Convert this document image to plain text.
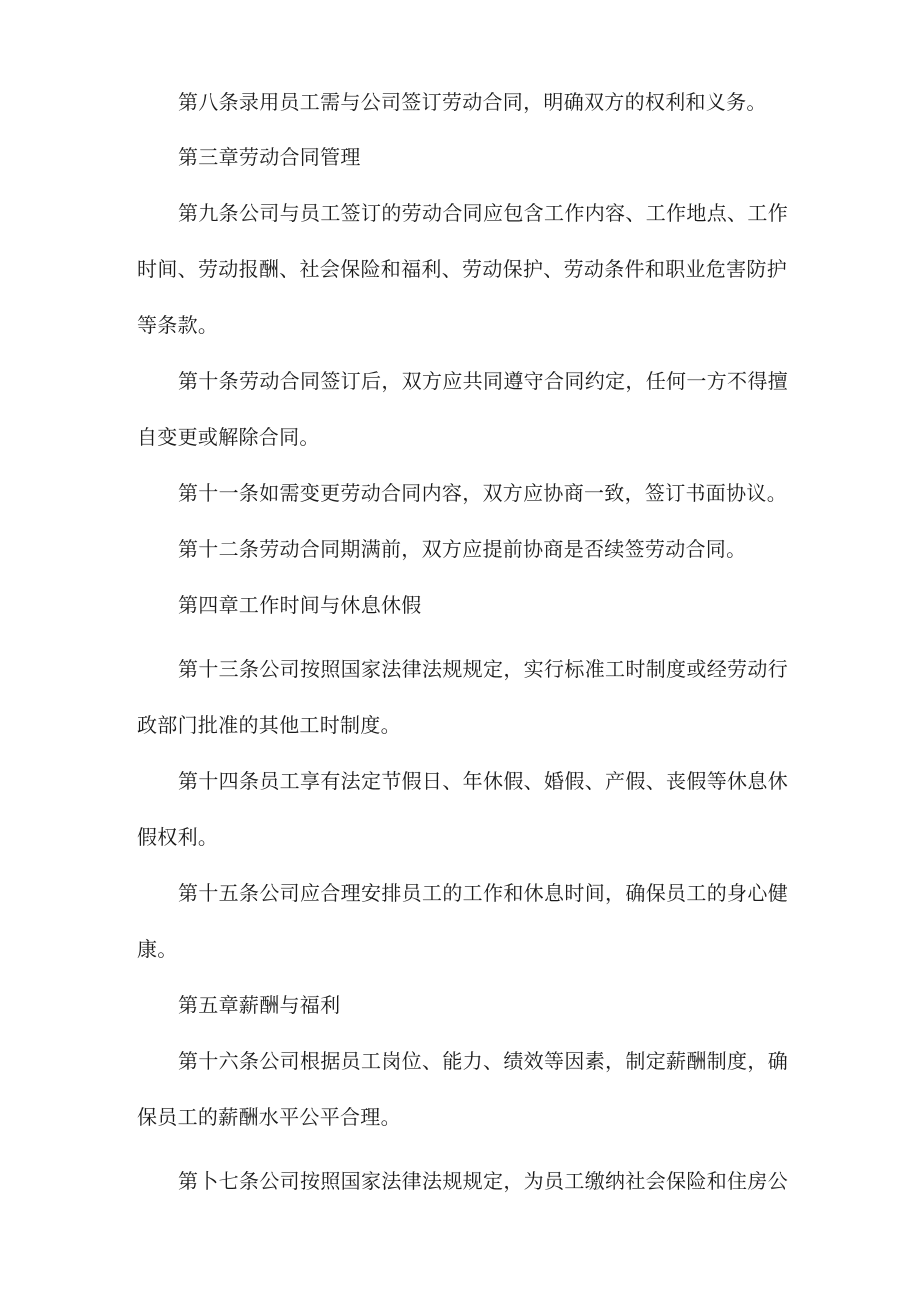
第八条录用员工需与公司签订劳动合同，明确双方的权利和义务。
第三章劳动合同管理
第九条公司与员工签订的劳动合同应包含工作内容、工作地点、工作
时间、劳动报酬、社会保险和福利、劳动保护、劳动条件和职业危害防护
等条款。
第十条劳动合同签订后，双方应共同遵守合同约定，任何一方不得擅
自变更或解除合同。
第十一条如需变更劳动合同内容，双方应协商一致，签订书面协议。
第十二条劳动合同期满前，双方应提前协商是否续签劳动合同。
第四章工作时间与休息休假
第十三条公司按照国家法律法规规定，实行标准工时制度或经劳动行
政部门批准的其他工时制度。
第十四条员工享有法定节假日、年休假、婚假、产假、丧假等休息休
假权利。
第十五条公司应合理安排员工的工作和休息时间，确保员工的身心健
康。
第五章薪酬与福利
第十六条公司根据员工岗位、能力、绩效等因素，制定薪酬制度，确
保员工的薪酬水平公平合理。
第卜七条公司按照国家法律法规规定，为员工缴纳社会保险和住房公
